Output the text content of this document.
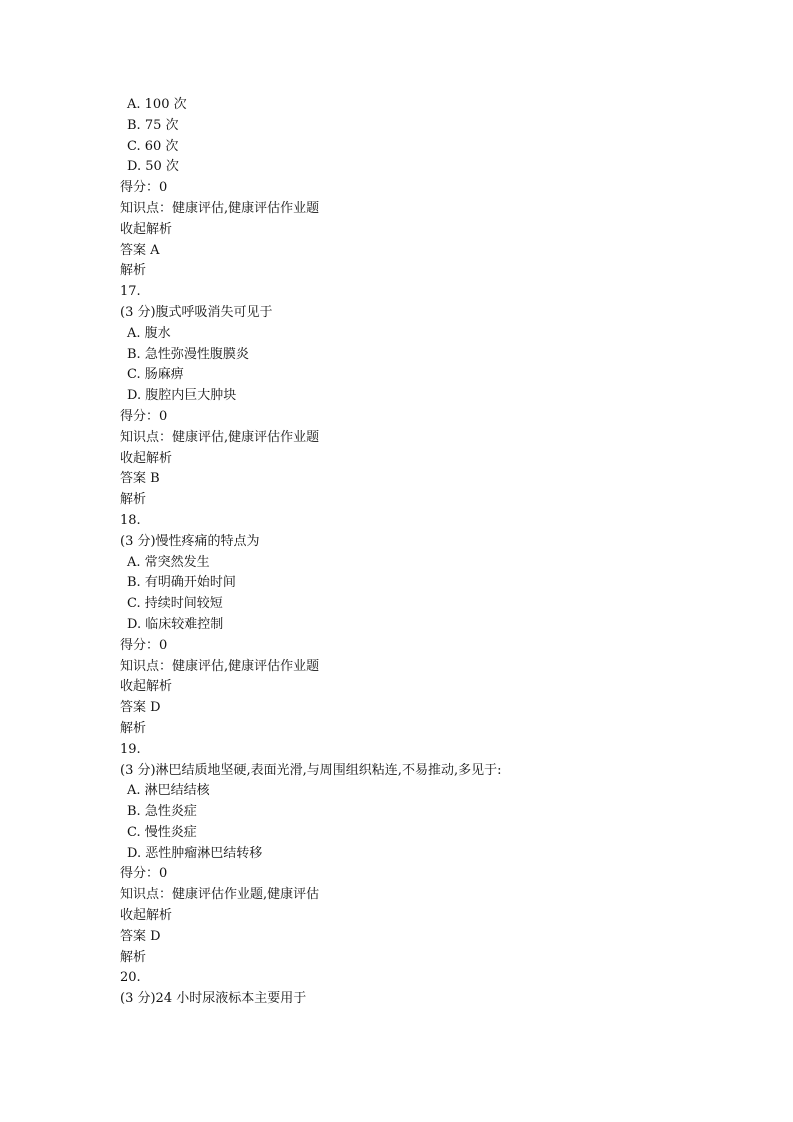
A. 100 次
B. 75 次
C. 60 次
D. 50 次
得分：0
知识点：健康评估,健康评估作业题
收起解析
答案 A
解析
17.
(3 分)腹式呼吸消失可见于
A. 腹水
B. 急性弥漫性腹膜炎
C. 肠麻痹
D. 腹腔内巨大肿块
得分：0
知识点：健康评估,健康评估作业题
收起解析
答案 B
解析
18.
(3 分)慢性疼痛的特点为
A. 常突然发生
B. 有明确开始时间
C. 持续时间较短
D. 临床较难控制
得分：0
知识点：健康评估,健康评估作业题
收起解析
答案 D
解析
19.
(3 分)淋巴结质地坚硬,表面光滑,与周围组织粘连,不易推动,多见于:
A. 淋巴结结核
B. 急性炎症
C. 慢性炎症
D. 恶性肿瘤淋巴结转移
得分：0
知识点：健康评估作业题,健康评估
收起解析
答案 D
解析
20.
(3 分)24 小时尿液标本主要用于
